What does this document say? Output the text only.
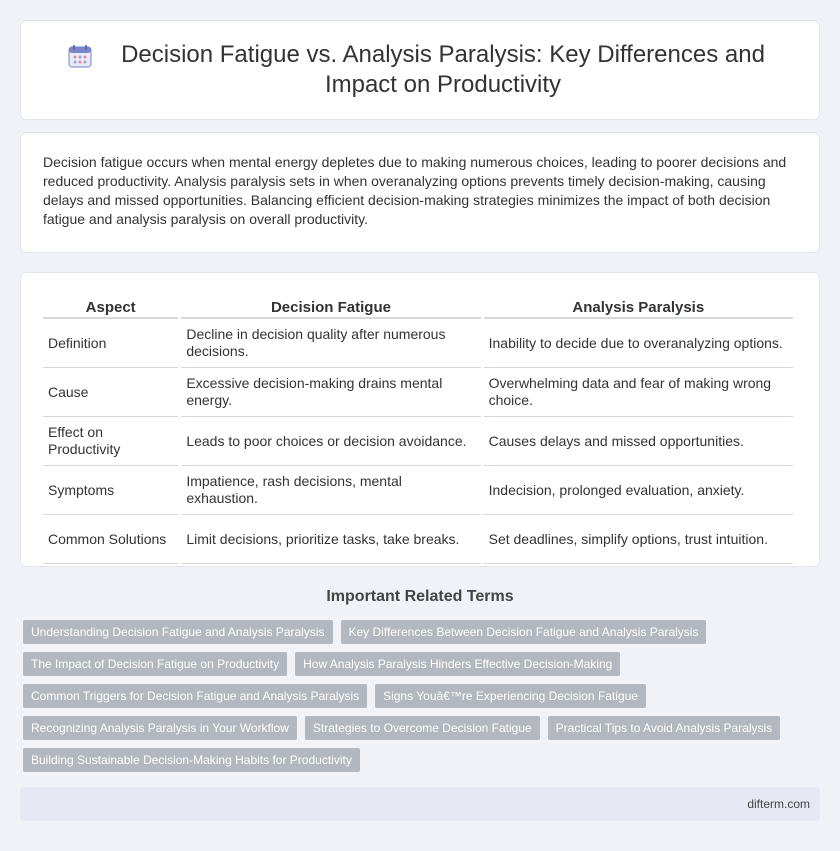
Decision Fatigue vs. Analysis Paralysis: Key Differences and Impact on Productivity

Decision fatigue occurs when mental energy depletes due to making numerous choices, leading to poorer decisions and reduced productivity. Analysis paralysis sets in when overanalyzing options prevents timely decision-making, causing delays and missed opportunities. Balancing efficient decision-making strategies minimizes the impact of both decision fatigue and analysis paralysis on overall productivity.

Aspect	Decision Fatigue	Analysis Paralysis
Definition	Decline in decision quality after numerous decisions.	Inability to decide due to overanalyzing options.
Cause	Excessive decision-making drains mental energy.	Overwhelming data and fear of making wrong choice.
Effect on Productivity	Leads to poor choices or decision avoidance.	Causes delays and missed opportunities.
Symptoms	Impatience, rash decisions, mental exhaustion.	Indecision, prolonged evaluation, anxiety.
Common Solutions	Limit decisions, prioritize tasks, take breaks.	Set deadlines, simplify options, trust intuition.
Important Related Terms
Understanding Decision Fatigue and Analysis Paralysis	Key Differences Between Decision Fatigue and Analysis Paralysis
The Impact of Decision Fatigue on Productivity	How Analysis Paralysis Hinders Effective Decision-Making
Common Triggers for Decision Fatigue and Analysis Paralysis	Signs Youâ€™re Experiencing Decision Fatigue
Recognizing Analysis Paralysis in Your Workflow	Strategies to Overcome Decision Fatigue	Practical Tips to Avoid Analysis Paralysis
Building Sustainable Decision-Making Habits for Productivity
difterm.com
